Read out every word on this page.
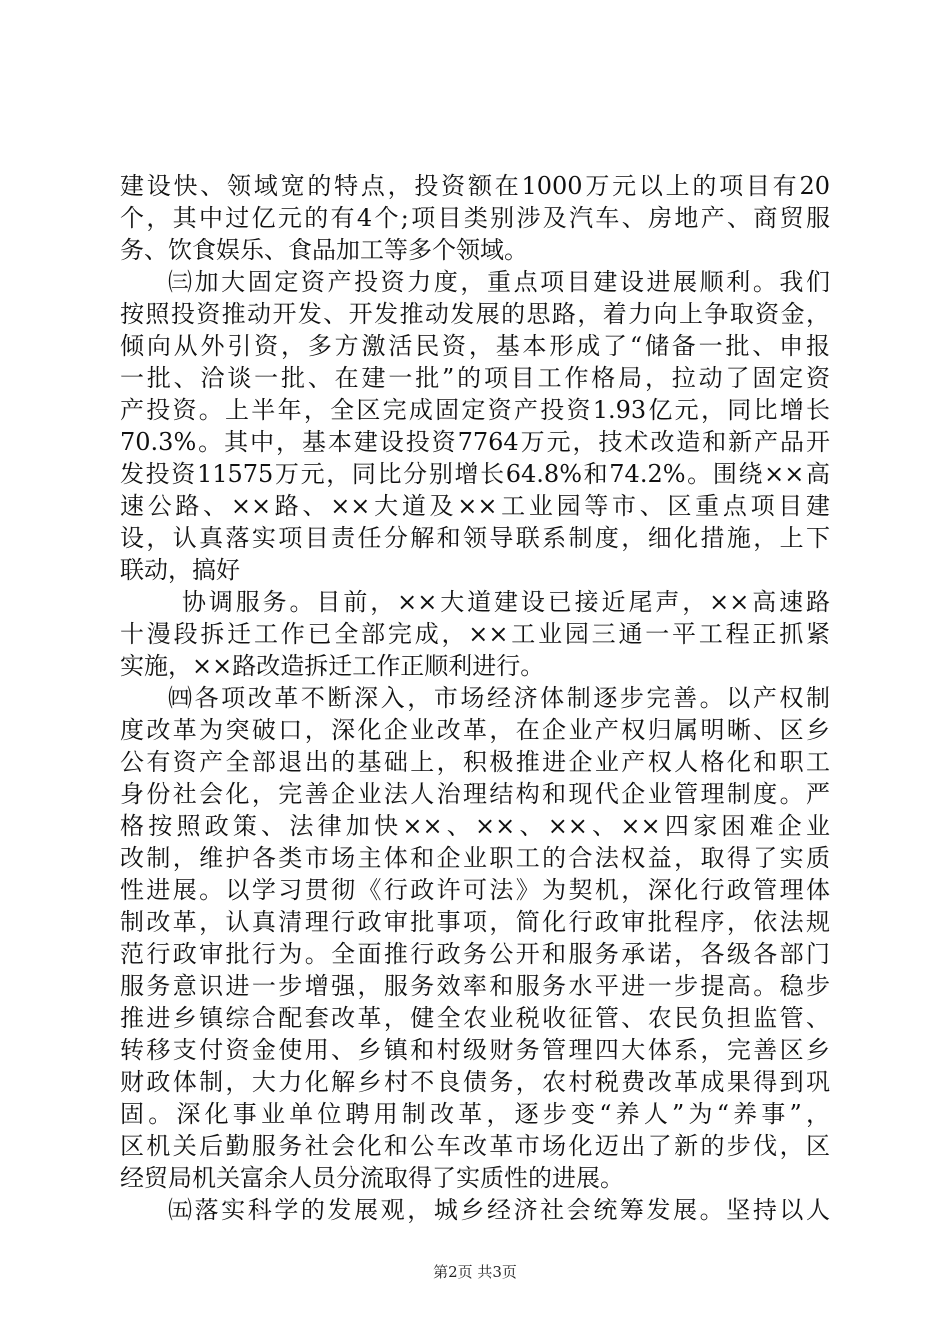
建设快、领域宽的特点，投资额在1000万元以上的项目有20
个，其中过亿元的有4个;项目类别涉及汽车、房地产、商贸服
务、饮食娱乐、食品加工等多个领域。
㈢加大固定资产投资力度，重点项目建设进展顺利。我们
按照投资推动开发、开发推动发展的思路，着力向上争取资金，
倾向从外引资，多方激活民资，基本形成了“储备一批、申报
一批、洽谈一批、在建一批”的项目工作格局，拉动了固定资
产投资。上半年，全区完成固定资产投资1.93亿元，同比增长
70.3%。其中，基本建设投资7764万元，技术改造和新产品开
发投资11575万元，同比分别增长64.8%和74.2%。围绕××高
速公路、××路、××大道及××工业园等市、区重点项目建
设，认真落实项目责任分解和领导联系制度，细化措施，上下
联动，搞好
协调服务。目前，××大道建设已接近尾声，××高速路
十漫段拆迁工作已全部完成，××工业园三通一平工程正抓紧
实施，××路改造拆迁工作正顺利进行。
㈣各项改革不断深入，市场经济体制逐步完善。以产权制
度改革为突破口，深化企业改革，在企业产权归属明晰、区乡
公有资产全部退出的基础上，积极推进企业产权人格化和职工
身份社会化，完善企业法人治理结构和现代企业管理制度。严
格按照政策、法律加快××、××、××、××四家困难企业
改制，维护各类市场主体和企业职工的合法权益，取得了实质
性进展。以学习贯彻《行政许可法》为契机，深化行政管理体
制改革，认真清理行政审批事项，简化行政审批程序，依法规
范行政审批行为。全面推行政务公开和服务承诺，各级各部门
服务意识进一步增强，服务效率和服务水平进一步提高。稳步
推进乡镇综合配套改革，健全农业税收征管、农民负担监管、
转移支付资金使用、乡镇和村级财务管理四大体系，完善区乡
财政体制，大力化解乡村不良债务，农村税费改革成果得到巩
固。深化事业单位聘用制改革，逐步变“养人”为“养事”，
区机关后勤服务社会化和公车改革市场化迈出了新的步伐，区
经贸局机关富余人员分流取得了实质性的进展。
㈤落实科学的发展观，城乡经济社会统筹发展。坚持以人
第2页 共3页
